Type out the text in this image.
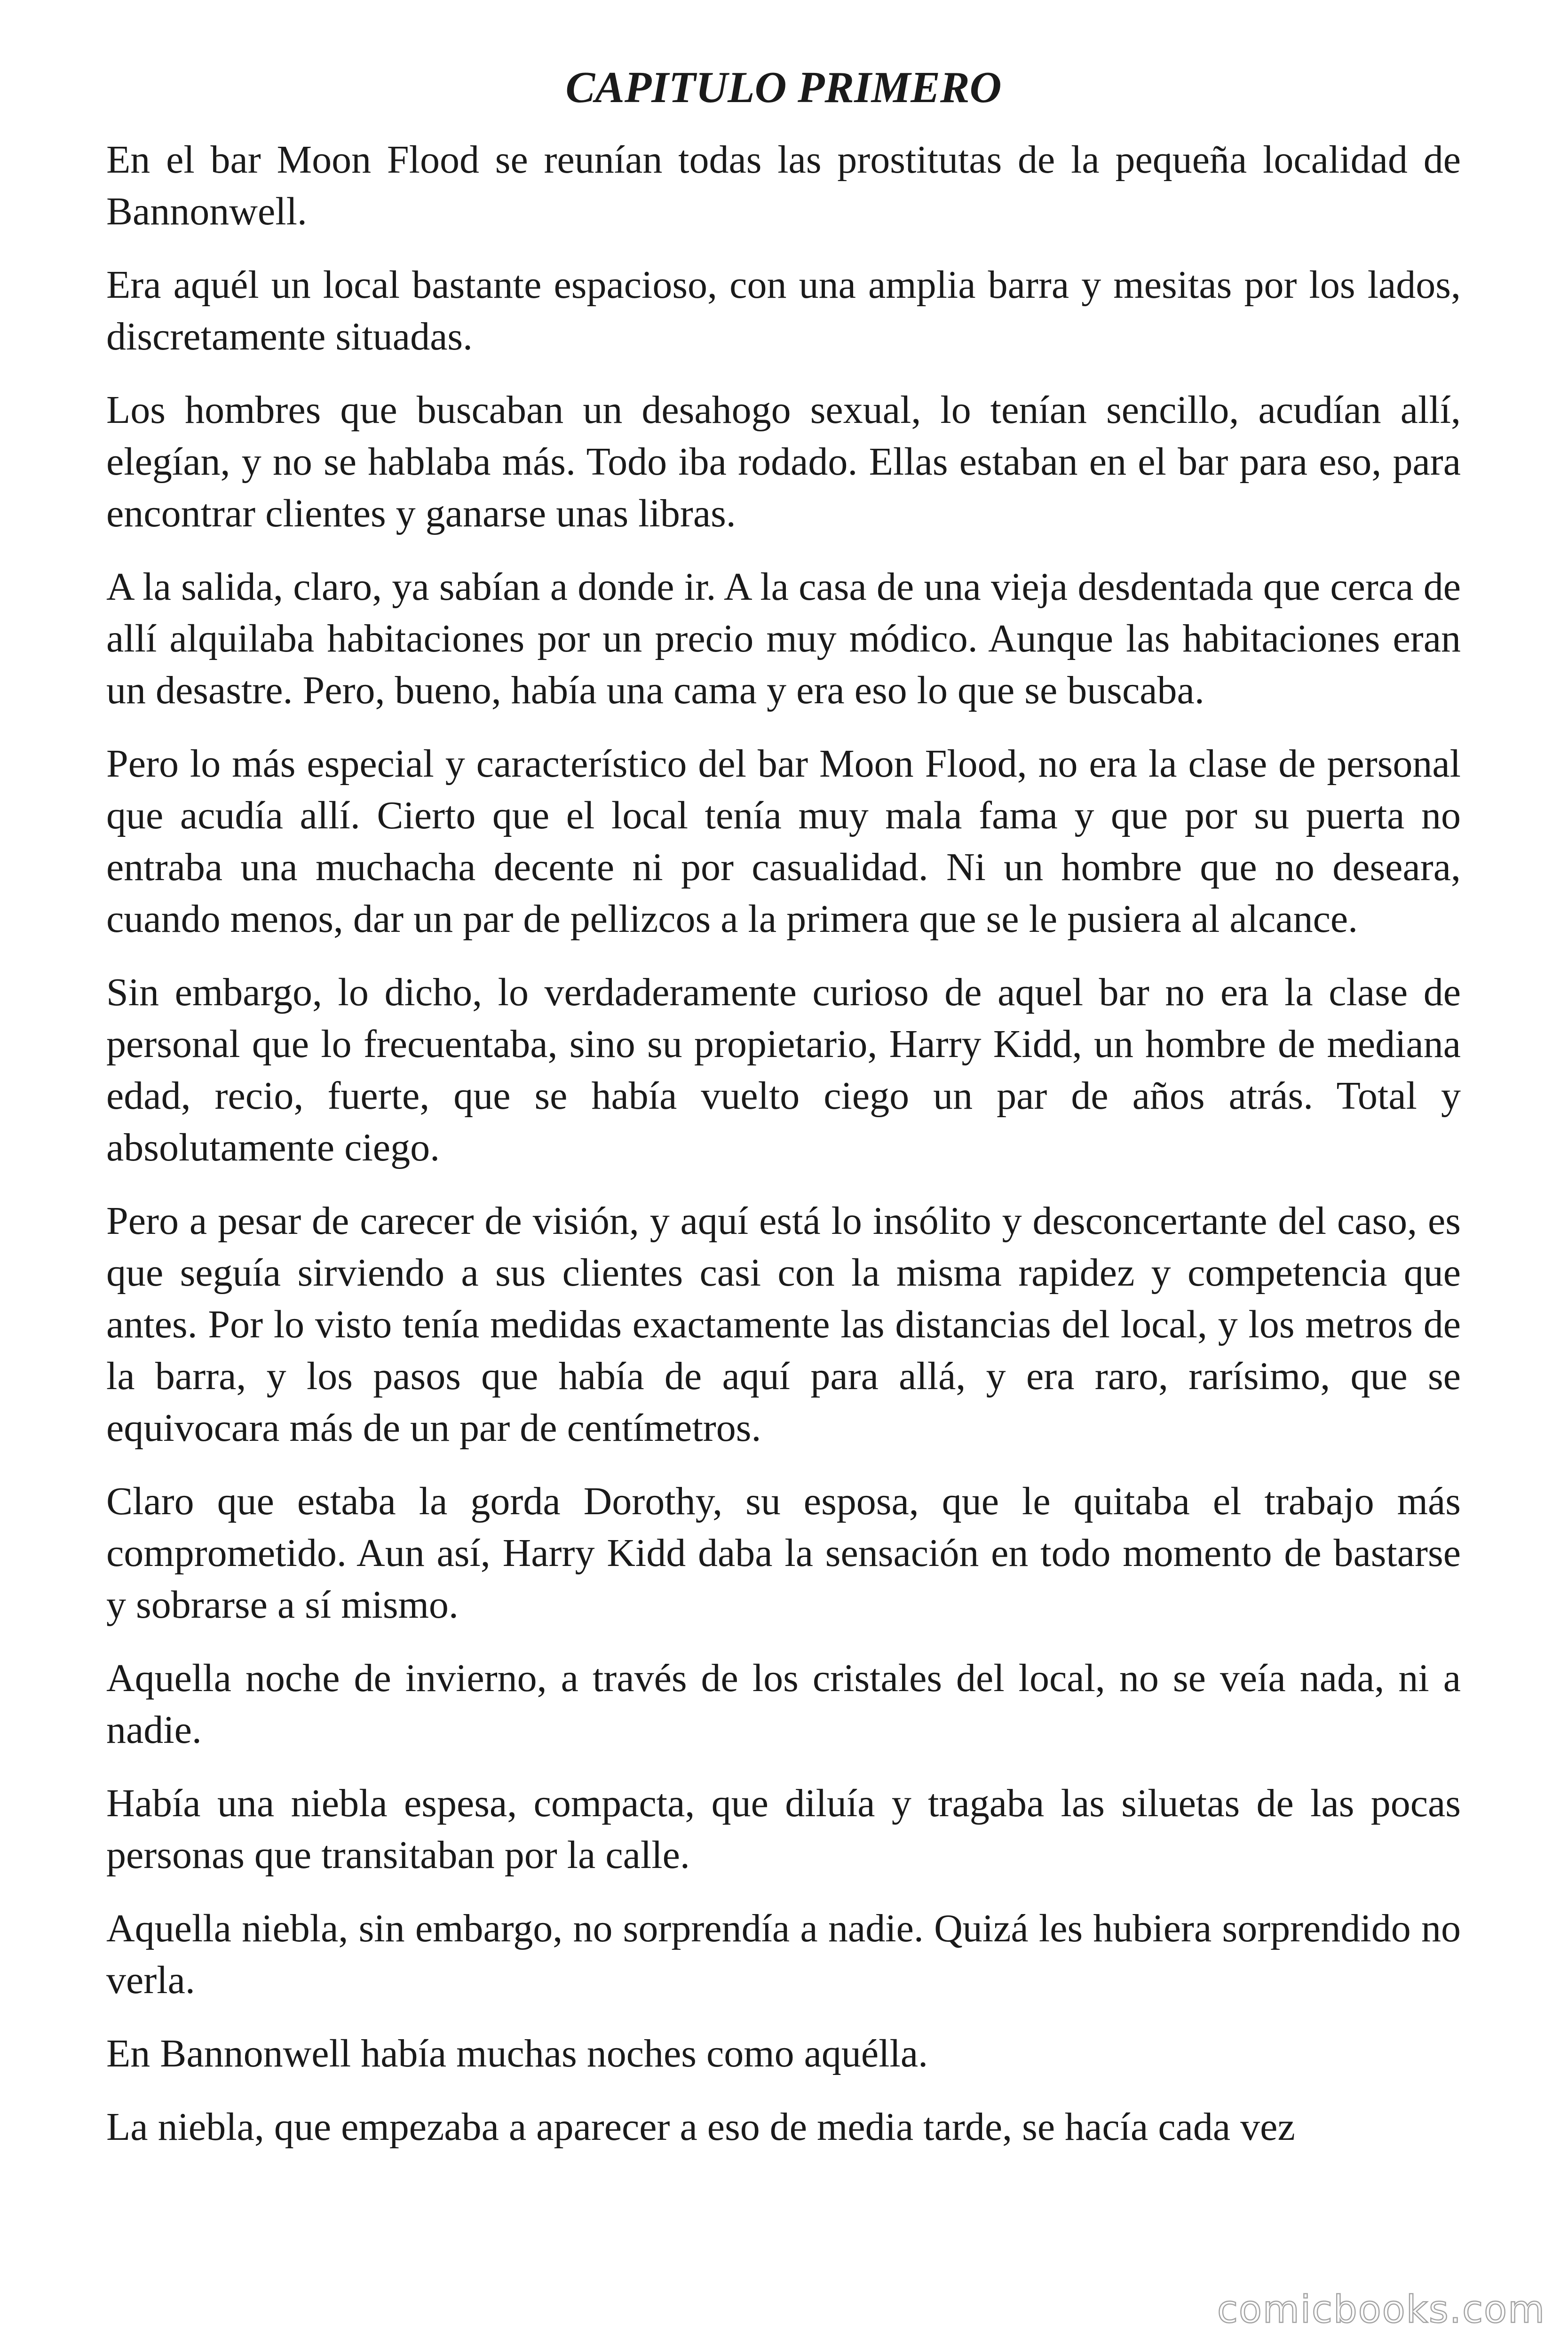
CAPITULO PRIMERO

En el bar Moon Flood se reunían todas las prostitutas de la pequeña localidad de Bannonwell.

Era aquél un local bastante espacioso, con una amplia barra y mesitas por los lados, discretamente situadas.

Los hombres que buscaban un desahogo sexual, lo tenían sencillo, acudían allí, elegían, y no se hablaba más. Todo iba rodado. Ellas estaban en el bar para eso, para encontrar clientes y ganarse unas libras.

A la salida, claro, ya sabían a donde ir. A la casa de una vieja desdentada que cerca de allí alquilaba habitaciones por un precio muy módico. Aunque las habitaciones eran un desastre. Pero, bueno, había una cama y era eso lo que se buscaba.

Pero lo más especial y característico del bar Moon Flood, no era la clase de personal que acudía allí. Cierto que el local tenía muy mala fama y que por su puerta no entraba una muchacha decente ni por casualidad. Ni un hombre que no deseara, cuando menos, dar un par de pellizcos a la primera que se le pusiera al alcance.

Sin embargo, lo dicho, lo verdaderamente curioso de aquel bar no era la clase de personal que lo frecuentaba, sino su propietario, Harry Kidd, un hombre de mediana edad, recio, fuerte, que se había vuelto ciego un par de años atrás. Total y absolutamente ciego.

Pero a pesar de carecer de visión, y aquí está lo insólito y desconcertante del caso, es que seguía sirviendo a sus clientes casi con la misma rapidez y competencia que antes. Por lo visto tenía medidas exactamente las distancias del local, y los metros de la barra, y los pasos que había de aquí para allá, y era raro, rarísimo, que se equivocara más de un par de centímetros.

Claro que estaba la gorda Dorothy, su esposa, que le quitaba el trabajo más comprometido. Aun así, Harry Kidd daba la sensación en todo momento de bastarse y sobrarse a sí mismo.

Aquella noche de invierno, a través de los cristales del local, no se veía nada, ni a nadie.

Había una niebla espesa, compacta, que diluía y tragaba las siluetas de las pocas personas que transitaban por la calle.

Aquella niebla, sin embargo, no sorprendía a nadie. Quizá les hubiera sorprendido no verla.

En Bannonwell había muchas noches como aquélla.

La niebla, que empezaba a aparecer a eso de media tarde, se hacía cada vez

comicbooks.com
